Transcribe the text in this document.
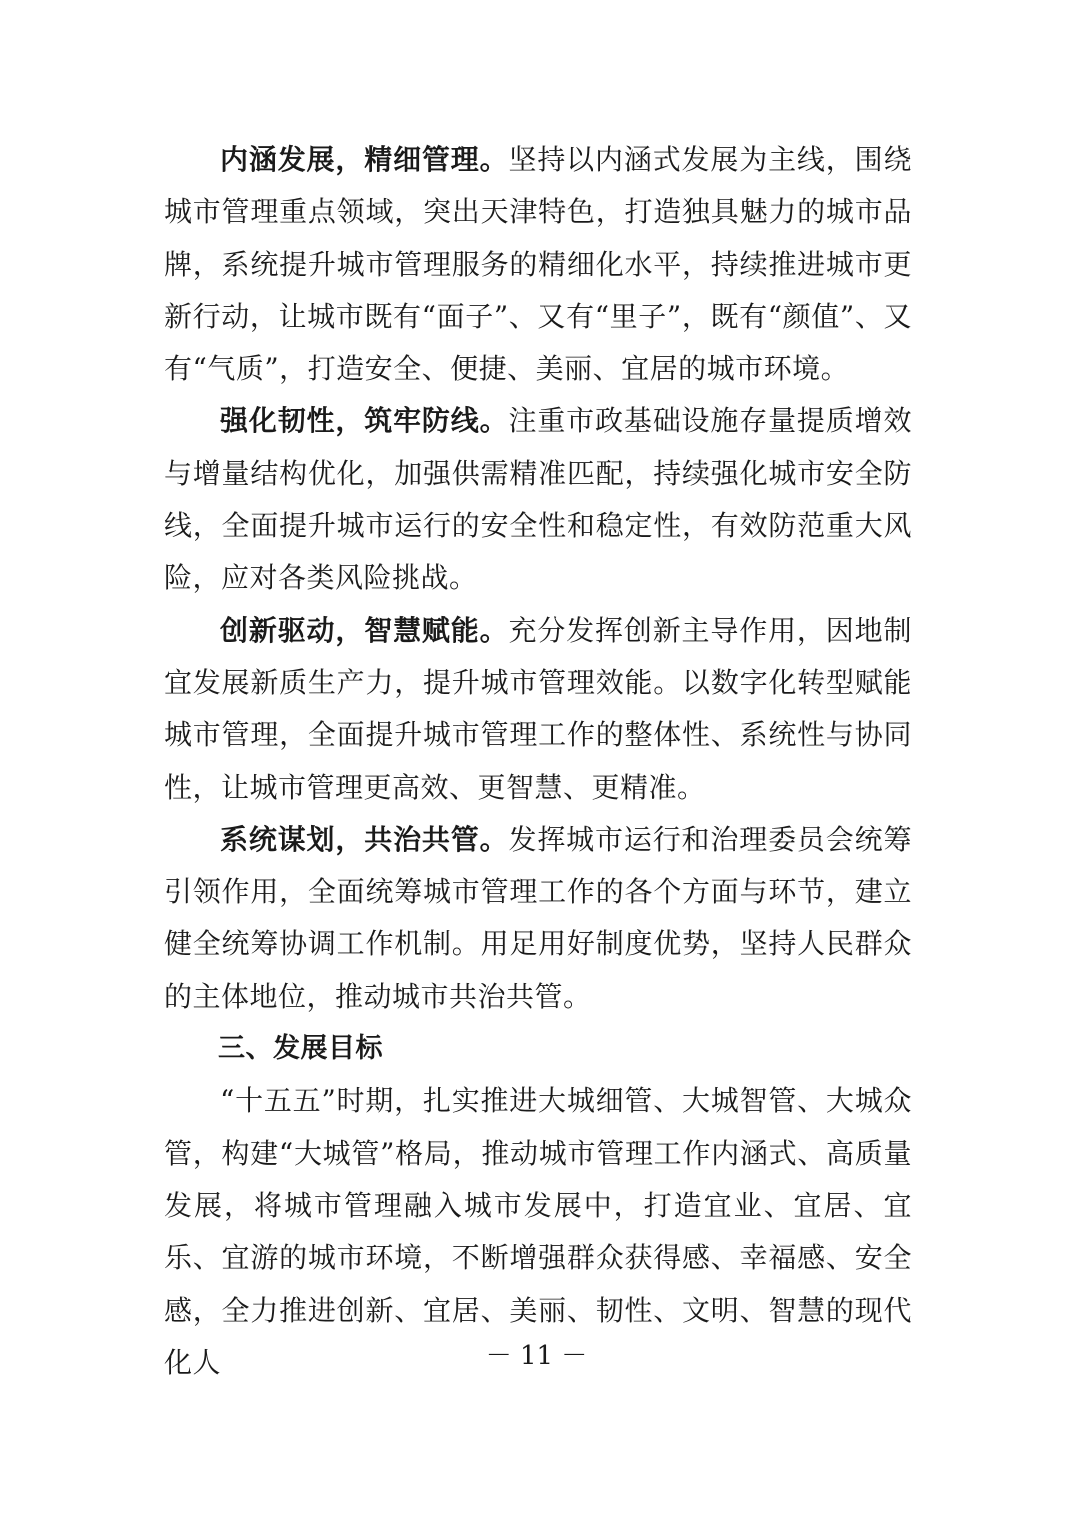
内涵发展，精细管理。坚持以内涵式发展为主线，围绕城市管理重点领域，突出天津特色，打造独具魅力的城市品牌，系统提升城市管理服务的精细化水平，持续推进城市更新行动，让城市既有“面子”、又有“里子”，既有“颜值”、又有“气质”，打造安全、便捷、美丽、宜居的城市环境。

强化韧性，筑牢防线。注重市政基础设施存量提质增效与增量结构优化，加强供需精准匹配，持续强化城市安全防线，全面提升城市运行的安全性和稳定性，有效防范重大风险，应对各类风险挑战。

创新驱动，智慧赋能。充分发挥创新主导作用，因地制宜发展新质生产力，提升城市管理效能。以数字化转型赋能城市管理，全面提升城市管理工作的整体性、系统性与协同性，让城市管理更高效、更智慧、更精准。

系统谋划，共治共管。发挥城市运行和治理委员会统筹引领作用，全面统筹城市管理工作的各个方面与环节，建立健全统筹协调工作机制。用足用好制度优势，坚持人民群众的主体地位，推动城市共治共管。

三、发展目标

“十五五”时期，扎实推进大城细管、大城智管、大城众管，构建“大城管”格局，推动城市管理工作内涵式、高质量发展，将城市管理融入城市发展中，打造宜业、宜居、宜乐、宜游的城市环境，不断增强群众获得感、幸福感、安全感，全力推进创新、宜居、美丽、韧性、文明、智慧的现代化人	－ 11 －
